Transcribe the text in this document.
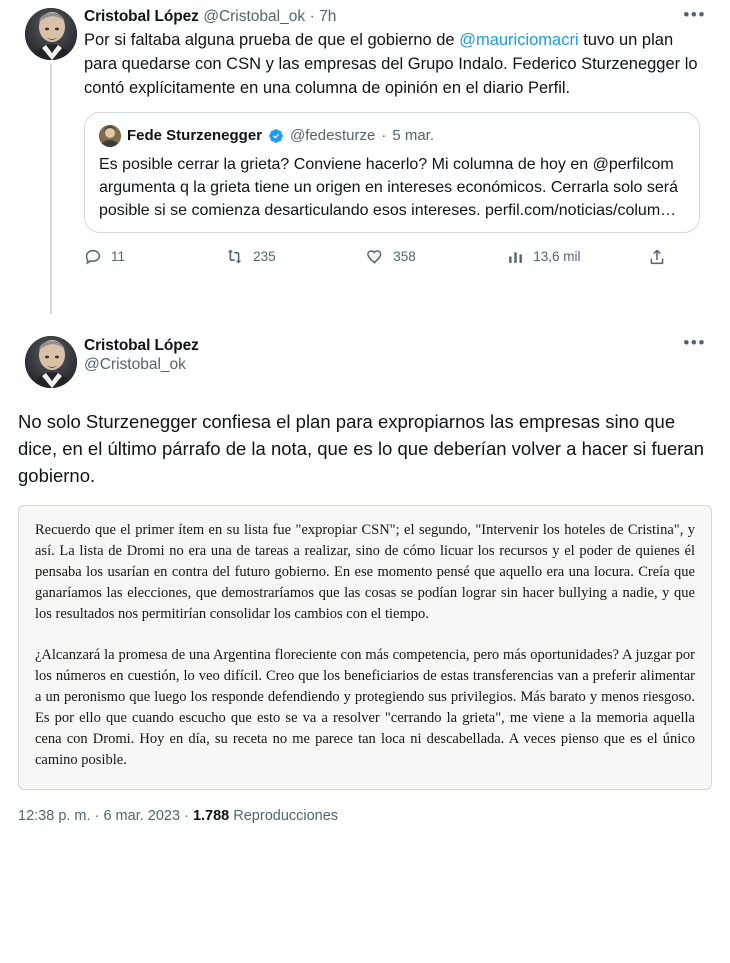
Cristobal López @Cristobal_ok · 7h	•••
Por si faltaba alguna prueba de que el gobierno de @mauriciomacri tuvo un plan para quedarse con CSN y las empresas del Grupo Indalo. Federico Sturzenegger lo contó explícitamente en una columna de opinión en el diario Perfil.
Fede Sturzenegger @fedesturze · 5 mar.
Es posible cerrar la grieta? Conviene hacerlo? Mi columna de hoy en @perfilcom argumenta q la grieta tiene un origen en intereses económicos. Cerrarla solo será posible si se comienza desarticulando esos intereses. perfil.com/noticias/colum…
11	235	358	13,6 mil
Cristobal López
@Cristobal_ok
•••
No solo Sturzenegger confiesa el plan para expropiarnos las empresas sino que dice, en el último párrafo de la nota, que es lo que deberían volver a hacer si fueran gobierno.

Recuerdo que el primer ítem en su lista fue "expropiar CSN"; el segundo, "Intervenir los hoteles de Cristina", y así. La lista de Dromi no era una de tareas a realizar, sino de cómo licuar los recursos y el poder de quienes él pensaba los usarían en contra del futuro gobierno. En ese momento pensé que aquello era una locura. Creía que ganaríamos las elecciones, que demostraríamos que las cosas se podían lograr sin hacer bullying a nadie, y que los resultados nos permitirían consolidar los cambios con el tiempo.

¿Alcanzará la promesa de una Argentina floreciente con más competencia, pero más oportunidades? A juzgar por los números en cuestión, lo veo difícil. Creo que los beneficiarios de estas transferencias van a preferir alimentar a un peronismo que luego los responde defendiendo y protegiendo sus privilegios. Más barato y menos riesgoso. Es por ello que cuando escucho que esto se va a resolver "cerrando la grieta", me viene a la memoria aquella cena con Dromi. Hoy en día, su receta no me parece tan loca ni descabellada. A veces pienso que es el único camino posible.

12:38 p. m. · 6 mar. 2023 · 1.788 Reproducciones
